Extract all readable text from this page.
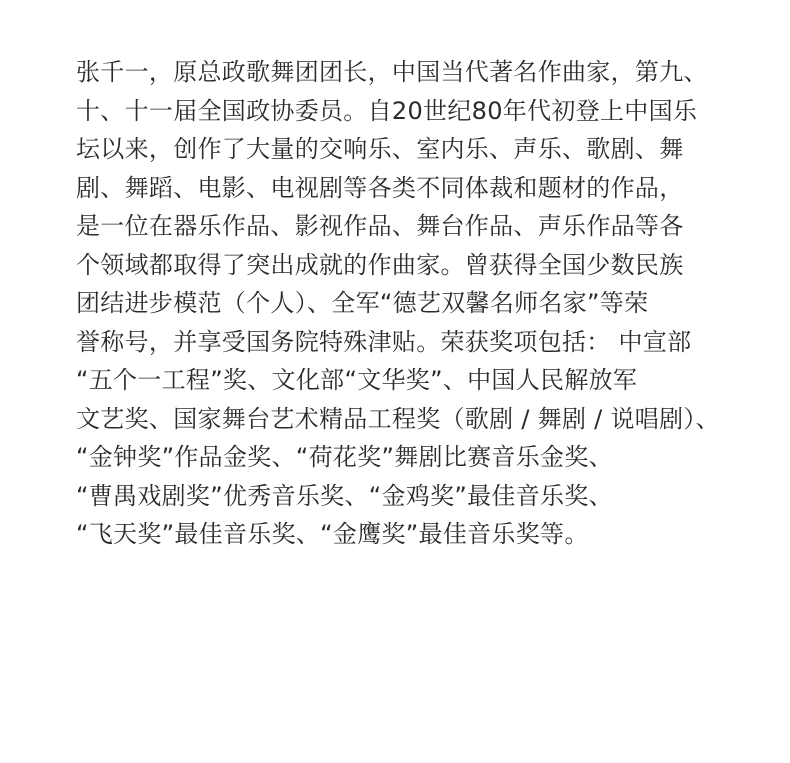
张千一，原总政歌舞团团长，中国当代著名作曲家，第九、
十、十一届全国政协委员。自20世纪80年代初登上中国乐
坛以来，创作了大量的交响乐、室内乐、声乐、歌剧、舞
剧、舞蹈、电影、电视剧等各类不同体裁和题材的作品，
是一位在器乐作品、影视作品、舞台作品、声乐作品等各
个领域都取得了突出成就的作曲家。曾获得全国少数民族
团结进步模范（个人）、全军“德艺双馨名师名家”等荣
誉称号，并享受国务院特殊津贴。荣获奖项包括： 中宣部
“五个一工程”奖、文化部“文华奖”、中国人民解放军
文艺奖、国家舞台艺术精品工程奖（歌剧 / 舞剧 / 说唱剧）、
“金钟奖”作品金奖、“荷花奖”舞剧比赛音乐金奖、
“曹禺戏剧奖”优秀音乐奖、“金鸡奖”最佳音乐奖、
“飞天奖”最佳音乐奖、“金鹰奖”最佳音乐奖等。
